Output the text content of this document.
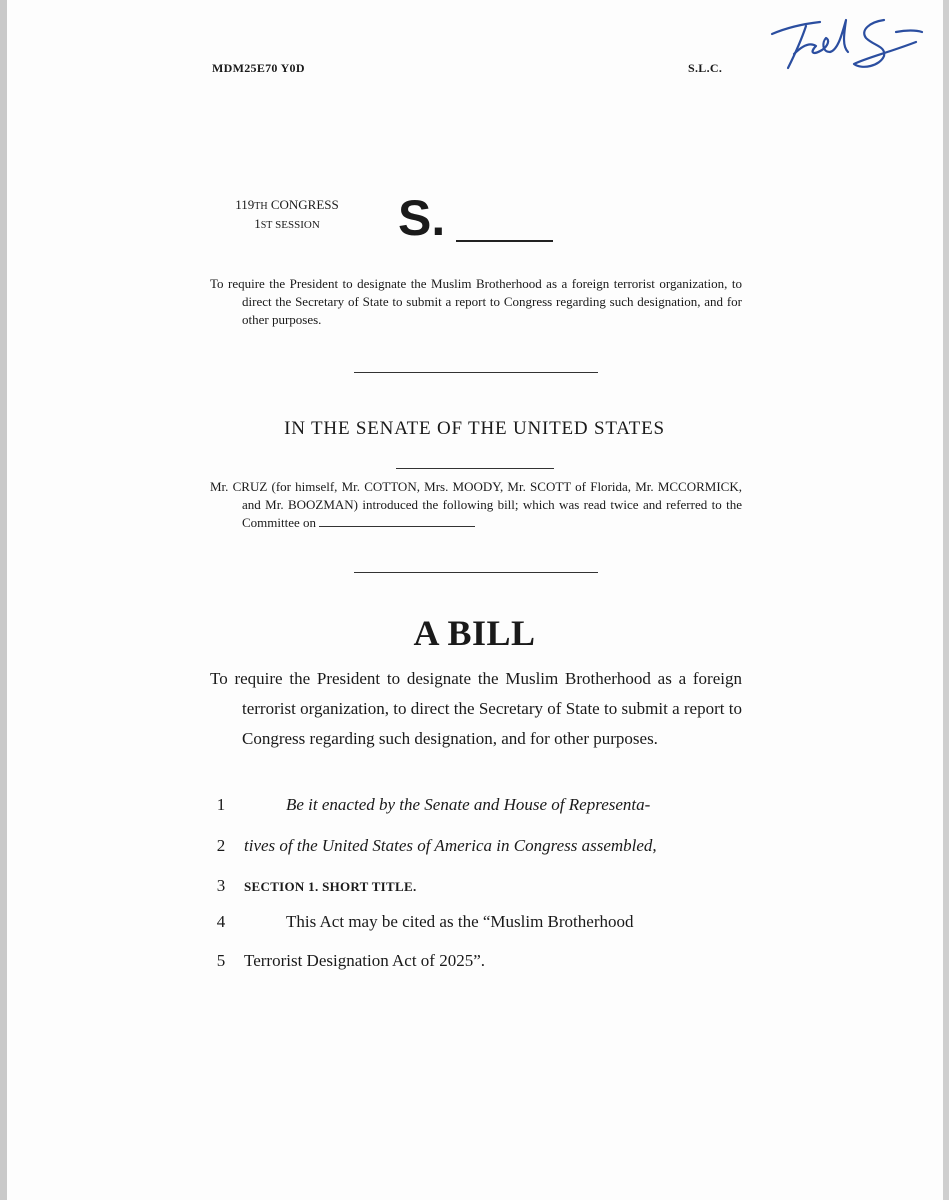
MDM25E70 Y0D	S.L.C.
119TH CONGRESS
1ST SESSION	S.
To require the President to designate the Muslim Brotherhood as a foreign terrorist organization, to direct the Secretary of State to submit a report to Congress regarding such designation, and for other purposes.
IN THE SENATE OF THE UNITED STATES
Mr. CRUZ (for himself, Mr. COTTON, Mrs. MOODY, Mr. SCOTT of Florida, Mr. MCCORMICK, and Mr. BOOZMAN) introduced the following bill; which was read twice and referred to the Committee on
A BILL
To require the President to designate the Muslim Brotherhood as a foreign terrorist organization, to direct the Secretary of State to submit a report to Congress regarding such designation, and for other purposes.
1	Be it enacted by the Senate and House of Representa-
2 tives of the United States of America in Congress assembled,
3	SECTION 1. SHORT TITLE.
4	This Act may be cited as the “Muslim Brotherhood
5 Terrorist Designation Act of 2025”.
